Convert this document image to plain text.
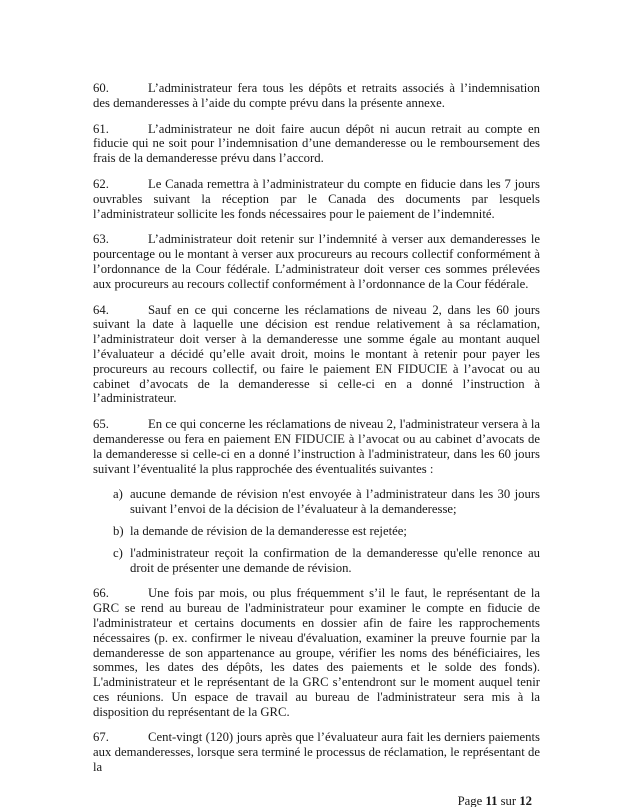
60.	L’administrateur fera tous les dépôts et retraits associés à l’indemnisation des demanderesses à l’aide du compte prévu dans la présente annexe.

61.	L’administrateur ne doit faire aucun dépôt ni aucun retrait au compte en fiducie qui ne soit pour l’indemnisation d’une demanderesse ou le remboursement des frais de la demanderesse prévu dans l’accord.

62.	Le Canada remettra à l’administrateur du compte en fiducie dans les 7 jours ouvrables suivant la réception par le Canada des documents par lesquels l’administrateur sollicite les fonds nécessaires pour le paiement de l’indemnité.

63.	L’administrateur doit retenir sur l’indemnité à verser aux demanderesses le pourcentage ou le montant à verser aux procureurs au recours collectif conformément à l’ordonnance de la Cour fédérale. L’administrateur doit verser ces sommes prélevées aux procureurs au recours collectif conformément à l’ordonnance de la Cour fédérale.

64.	Sauf en ce qui concerne les réclamations de niveau 2, dans les 60 jours suivant la date à laquelle une décision est rendue relativement à sa réclamation, l’administrateur doit verser à la demanderesse une somme égale au montant auquel l’évaluateur a décidé qu’elle avait droit, moins le montant à retenir pour payer les procureurs au recours collectif, ou faire le paiement EN FIDUCIE à l’avocat ou au cabinet d’avocats de la demanderesse si celle-ci en a donné l’instruction à l’administrateur.

65.	En ce qui concerne les réclamations de niveau 2, l'administrateur versera à la demanderesse ou fera en paiement EN FIDUCIE à l’avocat ou au cabinet d’avocats de la demanderesse si celle-ci en a donné l’instruction à l'administrateur, dans les 60 jours suivant l’éventualité la plus rapprochée des éventualités suivantes :

a) aucune demande de révision n'est envoyée à l’administrateur dans les 30 jours suivant l’envoi de la décision de l’évaluateur à la demanderesse;
b) la demande de révision de la demanderesse est rejetée;
c) l'administrateur reçoit la confirmation de la demanderesse qu'elle renonce au droit de présenter une demande de révision.

66.	Une fois par mois, ou plus fréquemment s’il le faut, le représentant de la GRC se rend au bureau de l'administrateur pour examiner le compte en fiducie de l'administrateur et certains documents en dossier afin de faire les rapprochements nécessaires (p. ex. confirmer le niveau d'évaluation, examiner la preuve fournie par la demanderesse de son appartenance au groupe, vérifier les noms des bénéficiaires, les sommes, les dates des dépôts, les dates des paiements et le solde des fonds). L'administrateur et le représentant de la GRC s’entendront sur le moment auquel tenir ces réunions. Un espace de travail au bureau de l'administrateur sera mis à la disposition du représentant de la GRC.

67.	Cent-vingt (120) jours après que l’évaluateur aura fait les derniers paiements aux demanderesses, lorsque sera terminé le processus de réclamation, le représentant de la

Page 11 sur 12
